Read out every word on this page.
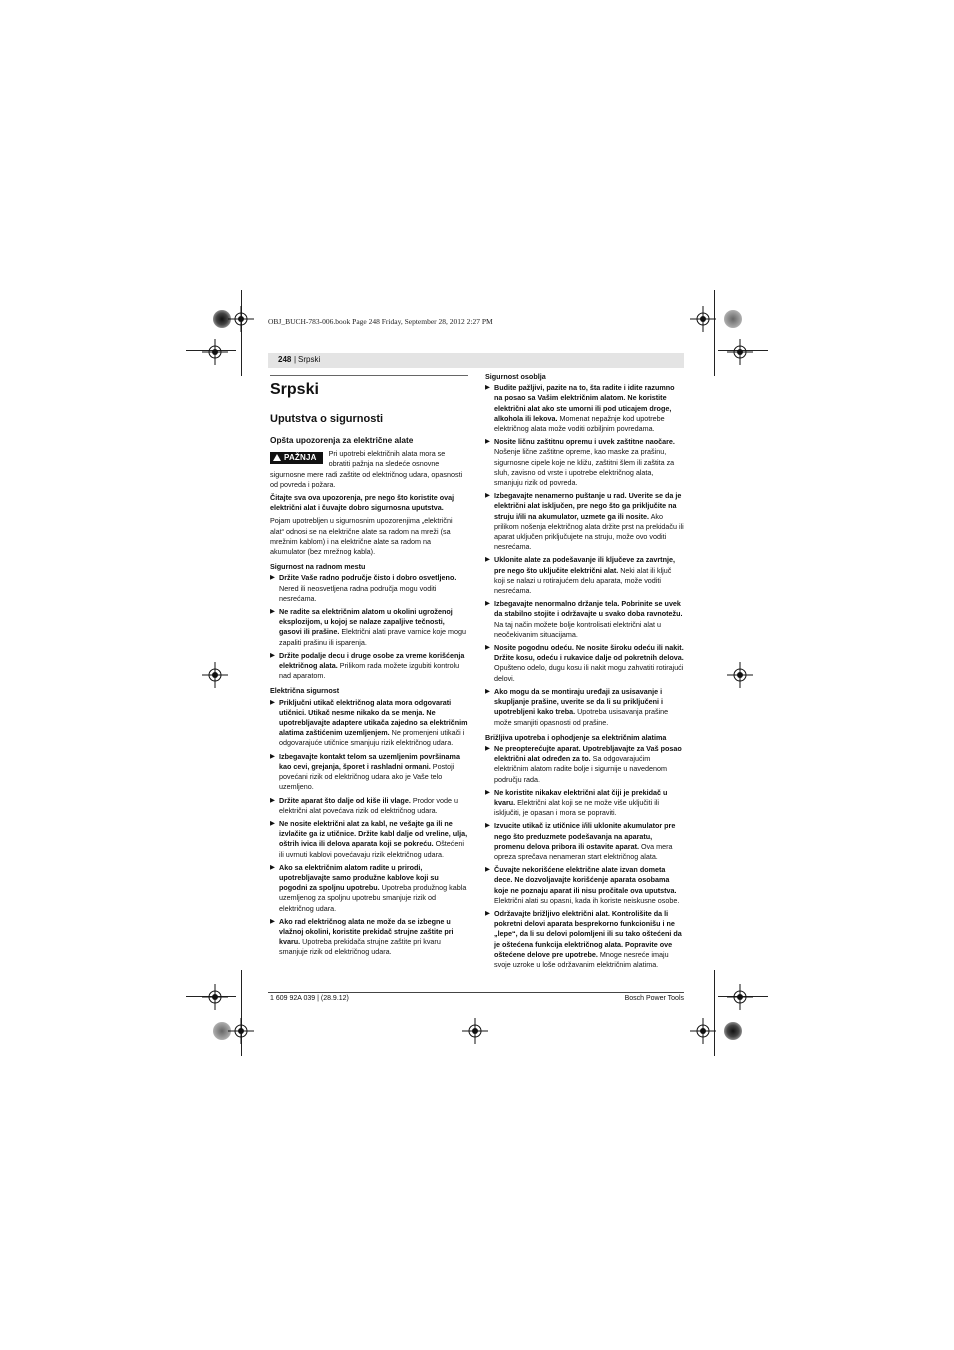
OBJ_BUCH-783-006.book Page 248 Friday, September 28, 2012 2:27 PM
248 | Srpski
Srpski
Uputstva o sigurnosti
Opšta upozorenja za električne alate
PAŽNJA	Pri upotrebi električnih alata mora se obratiti pažnja na sledeće osnovne sigurnosne mere radi zaštite od električnog udara, opasnosti od povreda i požara.

Čitajte sva ova upozorenja, pre nego što koristite ovaj električni alat i čuvajte dobro sigurnosna uputstva.

Pojam upotrebljen u sigurnosnim upozorenjima „električni alat“ odnosi se na električne alate sa radom na mreži (sa mrežnim kablom) i na električne alate sa radom na akumulator (bez mrežnog kabla).

Sigurnost na radnom mestu
▶ Držite Vaše radno područje čisto i dobro osvetljeno. Nered ili neosvetljena radna područja mogu voditi nesrećama.
▶ Ne radite sa električnim alatom u okolini ugroženoj eksplozijom, u kojoj se nalaze zapaljive tečnosti, gasovi ili prašine. Električni alati prave varnice koje mogu zapaliti prašinu ili isparenja.
▶ Držite podalje decu i druge osobe za vreme korišćenja električnog alata. Prilikom rada možete izgubiti kontrolu nad aparatom.
Električna sigurnost
▶ Priključni utikač električnog alata mora odgovarati utičnici. Utikač nesme nikako da se menja. Ne upotrebljavajte adaptere utikača zajedno sa električnim alatima zaštićenim uzemljenjem. Ne promenjeni utikači i odgovarajuće utičnice smanjuju rizik električnog udara.
▶ Izbegavajte kontakt telom sa uzemljenim površinama kao cevi, grejanja, šporet i rashladni ormani. Postoji povećani rizik od električnog udara ako je Vaše telo uzemljeno.
▶ Držite aparat što dalje od kiše ili vlage. Prodor vode u električni alat povećava rizik od električnog udara.
▶ Ne nosite električni alat za kabl, ne vešajte ga ili ne izvlačite ga iz utičnice. Držite kabl dalje od vreline, ulja, oštrih ivica ili delova aparata koji se pokreću. Oštećeni ili uvrnuti kablovi povećavaju rizik električnog udara.
▶ Ako sa električnim alatom radite u prirodi, upotrebljavajte samo produžne kablove koji su pogodni za spoljnu upotrebu. Upotreba produžnog kabla uzemljenog za spoljnu upotrebu smanjuje rizik od električnog udara.
▶ Ako rad električnog alata ne može da se izbegne u vlažnoj okolini, koristite prekidač strujne zaštite pri kvaru. Upotreba prekidača strujne zaštite pri kvaru smanjuje rizik od električnog udara.
Sigurnost osoblja
▶ Budite pažljivi, pazite na to, šta radite i idite razumno na posao sa Vašim električnim alatom. Ne koristite električni alat ako ste umorni ili pod uticajem droge, alkohola ili lekova. Momenat nepažnje kod upotrebe električnog alata može voditi ozbiljnim povredama.
▶ Nosite ličnu zaštitnu opremu i uvek zaštitne naočare. Nošenje lične zaštitne opreme, kao maske za prašinu, sigurnosne cipele koje ne kližu, zaštitni šlem ili zaštita za sluh, zavisno od vrste i upotrebe električnog alata, smanjuju rizik od povreda.
▶ Izbegavajte nenamerno puštanje u rad. Uverite se da je električni alat isključen, pre nego što ga priključite na struju i/ili na akumulator, uzmete ga ili nosite. Ako prilikom nošenja električnog alata držite prst na prekidaču ili aparat uključen priključujete na struju, može ovo voditi nesrećama.
▶ Uklonite alate za podešavanje ili ključeve za zavrtnje, pre nego što uključite električni alat. Neki alat ili ključ koji se nalazi u rotirajućem delu aparata, može voditi nesrećama.
▶ Izbegavajte nenormalno držanje tela. Pobrinite se uvek da stabilno stojite i održavajte u svako doba ravnotežu. Na taj način možete bolje kontrolisati električni alat u neočekivanim situacijama.
▶ Nosite pogodnu odeću. Ne nosite široku odeću ili nakit. Držite kosu, odeću i rukavice dalje od pokretnih delova. Opušteno odelo, dugu kosu ili nakit mogu zahvatiti rotirajući delovi.
▶ Ako mogu da se montiraju uređaji za usisavanje i skupljanje prašine, uverite se da li su priključeni i upotrebljeni kako treba. Upotreba usisavanja prašine može smanjiti opasnosti od prašine.
Brižljiva upotreba i ophodjenje sa električnim alatima
▶ Ne preopterećujte aparat. Upotrebljavajte za Vaš posao električni alat određen za to. Sa odgovarajućim električnim alatom radite bolje i sigurnije u navedenom području rada.
▶ Ne koristite nikakav električni alat čiji je prekidač u kvaru. Električni alat koji se ne može više uključiti ili isključiti, je opasan i mora se popraviti.
▶ Izvucite utikač iz utičnice i/ili uklonite akumulator pre nego što preduzmete podešavanja na aparatu, promenu delova pribora ili ostavite aparat. Ova mera opreza sprečava nenameran start električnog alata.
▶ Čuvajte nekorišćene električne alate izvan dometa dece. Ne dozvoljavajte korišćenje aparata osobama koje ne poznaju aparat ili nisu pročitale ova uputstva. Električni alati su opasni, kada ih koriste neiskusne osobe.
▶ Održavajte brižljivo električni alat. Kontrolišite da li pokretni delovi aparata besprekorno funkcionišu i ne „lepe“, da li su delovi polomljeni ili su tako oštećeni da je oštećena funkcija električnog alata. Popravite ove oštećene delove pre upotrebe. Mnoge nesreće imaju svoje uzroke u loše održavanim električnim alatima.
1 609 92A 039 | (28.9.12)	Bosch Power Tools
